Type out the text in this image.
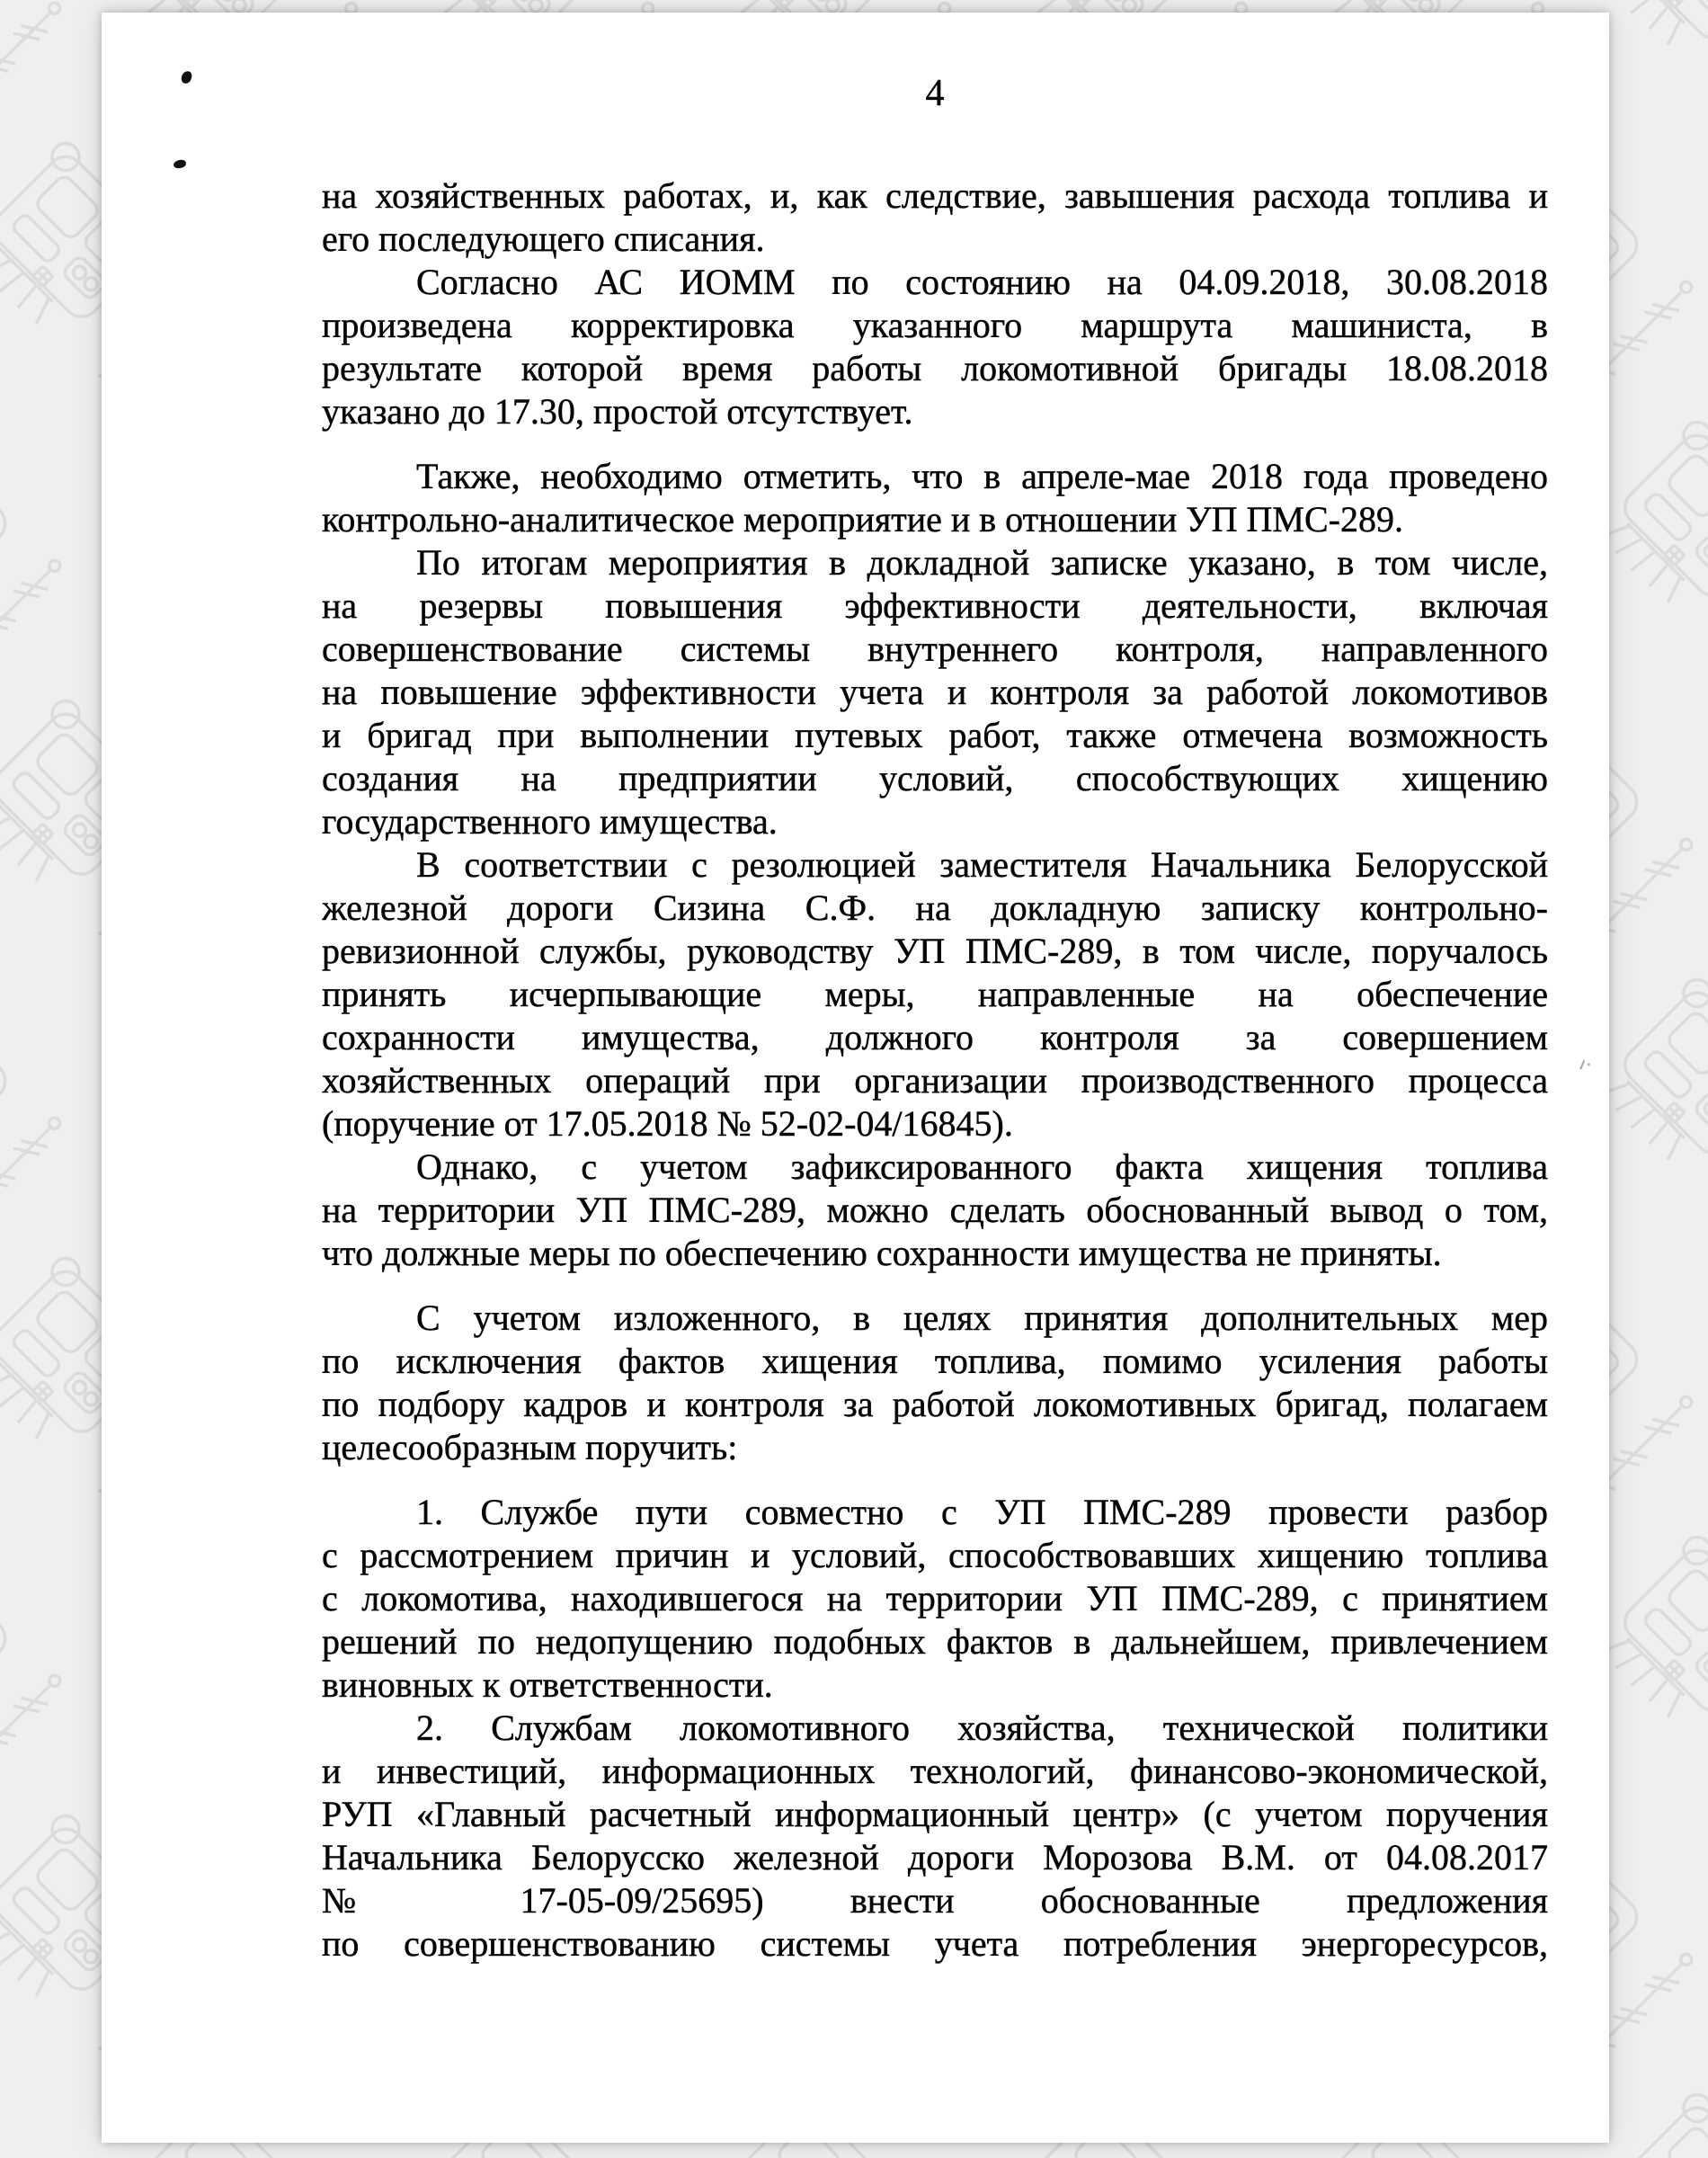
4
на хозяйственных работах, и, как следствие, завышения расхода топлива и
его последующего списания.
Согласно АС ИОММ по состоянию на 04.09.2018, 30.08.2018
произведена корректировка указанного маршрута машиниста, в
результате которой время работы локомотивной бригады 18.08.2018
указано до 17.30, простой отсутствует.
Также, необходимо отметить, что в апреле-мае 2018 года проведено
контрольно-аналитическое мероприятие и в отношении УП ПМС-289.
По итогам мероприятия в докладной записке указано, в том числе,
на резервы повышения эффективности деятельности, включая
совершенствование системы внутреннего контроля, направленного
на повышение эффективности учета и контроля за работой локомотивов
и бригад при выполнении путевых работ, также отмечена возможность
создания на предприятии условий, способствующих хищению
государственного имущества.
В соответствии с резолюцией заместителя Начальника Белорусской
железной дороги Сизина С.Ф. на докладную записку контрольно-
ревизионной службы, руководству УП ПМС-289, в том числе, поручалось
принять исчерпывающие меры, направленные на обеспечение
сохранности имущества, должного контроля за совершением
хозяйственных операций при организации производственного процесса
(поручение от 17.05.2018 № 52-02-04/16845).
Однако, с учетом зафиксированного факта хищения топлива
на территории УП ПМС-289, можно сделать обоснованный вывод о том,
что должные меры по обеспечению сохранности имущества не приняты.
С учетом изложенного, в целях принятия дополнительных мер
по исключения фактов хищения топлива, помимо усиления работы
по подбору кадров и контроля за работой локомотивных бригад, полагаем
целесообразным поручить:
1. Службе пути совместно с УП ПМС-289 провести разбор
с рассмотрением причин и условий, способствовавших хищению топлива
с локомотива, находившегося на территории УП ПМС-289, с принятием
решений по недопущению подобных фактов в дальнейшем, привлечением
виновных к ответственности.
2. Службам локомотивного хозяйства, технической политики
и инвестиций, информационных технологий, финансово-экономической,
РУП «Главный расчетный информационный центр» (с учетом поручения
Начальника Белорусско железной дороги Морозова В.М. от 04.08.2017
№ 17-05-09/25695) внести обоснованные предложения
по совершенствованию системы учета потребления энергоресурсов,
